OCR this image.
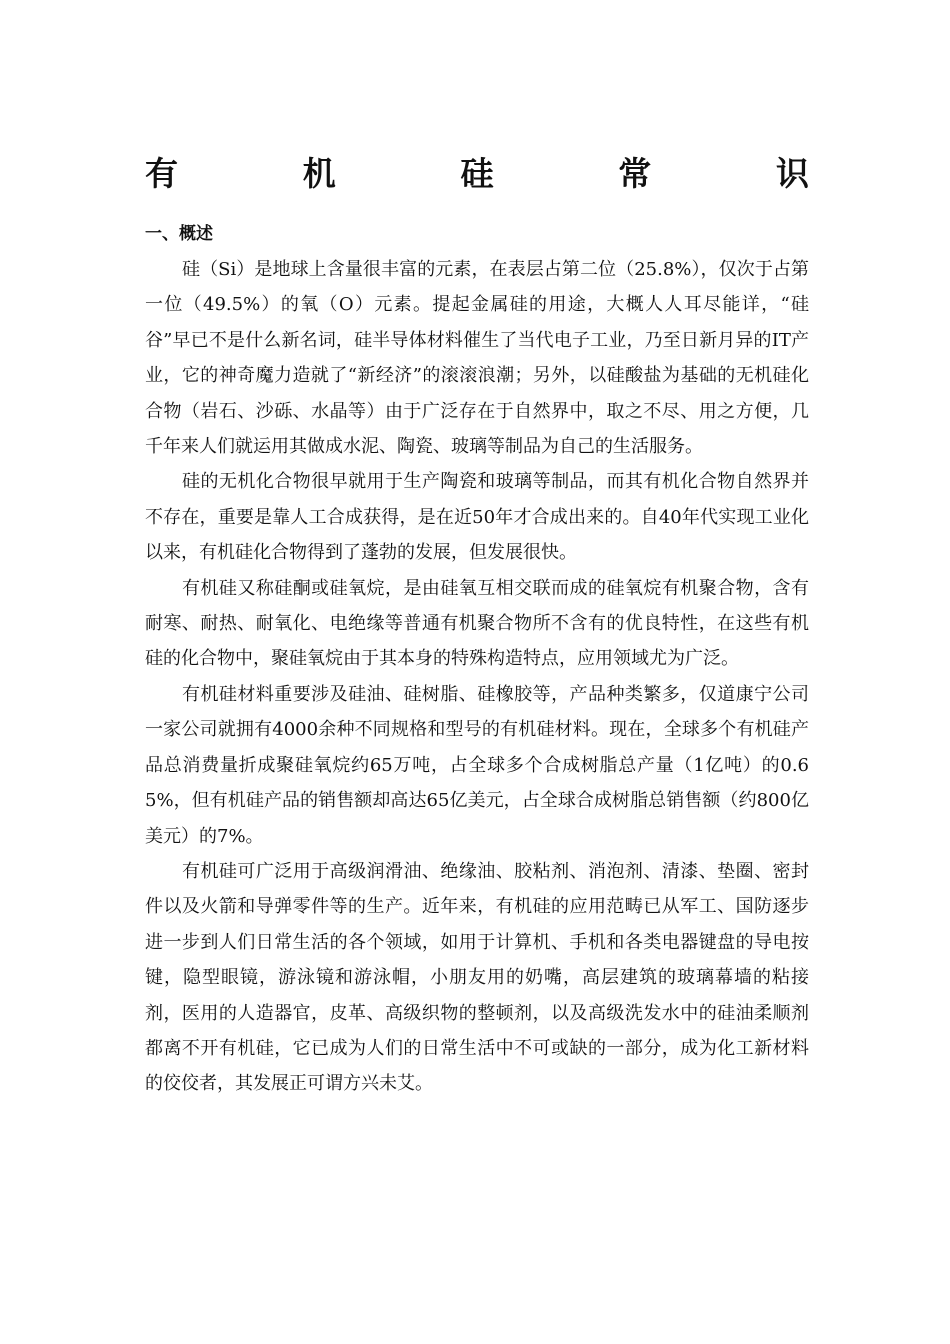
有	机	硅	常	识
一、概述

硅（Si）是地球上含量很丰富的元素，在表层占第二位（25.8%），仅次于占第一位（49.5%）的氧（O）元素。提起金属硅的用途，大概人人耳尽能详，“硅谷”早已不是什么新名词，硅半导体材料催生了当代电子工业，乃至日新月异的IT产业，它的神奇魔力造就了“新经济”的滚滚浪潮；另外，以硅酸盐为基础的无机硅化合物（岩石、沙砾、水晶等）由于广泛存在于自然界中，取之不尽、用之方便，几千年来人们就运用其做成水泥、陶瓷、玻璃等制品为自己的生活服务。

硅的无机化合物很早就用于生产陶瓷和玻璃等制品，而其有机化合物自然界并不存在，重要是靠人工合成获得，是在近50年才合成出来的。自40年代实现工业化以来，有机硅化合物得到了蓬勃的发展，但发展很快。

有机硅又称硅酮或硅氧烷，是由硅氧互相交联而成的硅氧烷有机聚合物，含有耐寒、耐热、耐氧化、电绝缘等普通有机聚合物所不含有的优良特性，在这些有机硅的化合物中，聚硅氧烷由于其本身的特殊构造特点，应用领域尤为广泛。

有机硅材料重要涉及硅油、硅树脂、硅橡胶等，产品种类繁多，仅道康宁公司一家公司就拥有4000余种不同规格和型号的有机硅材料。现在，全球多个有机硅产品总消费量折成聚硅氧烷约65万吨，占全球多个合成树脂总产量（1亿吨）的0.65%，但有机硅产品的销售额却高达65亿美元，占全球合成树脂总销售额（约800亿美元）的7%。

有机硅可广泛用于高级润滑油、绝缘油、胶粘剂、消泡剂、清漆、垫圈、密封件以及火箭和导弹零件等的生产。近年来，有机硅的应用范畴已从军工、国防逐步进一步到人们日常生活的各个领域，如用于计算机、手机和各类电器键盘的导电按键，隐型眼镜，游泳镜和游泳帽，小朋友用的奶嘴，高层建筑的玻璃幕墙的粘接剂，医用的人造器官，皮革、高级织物的整顿剂，以及高级洗发水中的硅油柔顺剂都离不开有机硅，它已成为人们的日常生活中不可或缺的一部分，成为化工新材料的佼佼者，其发展正可谓方兴未艾。
